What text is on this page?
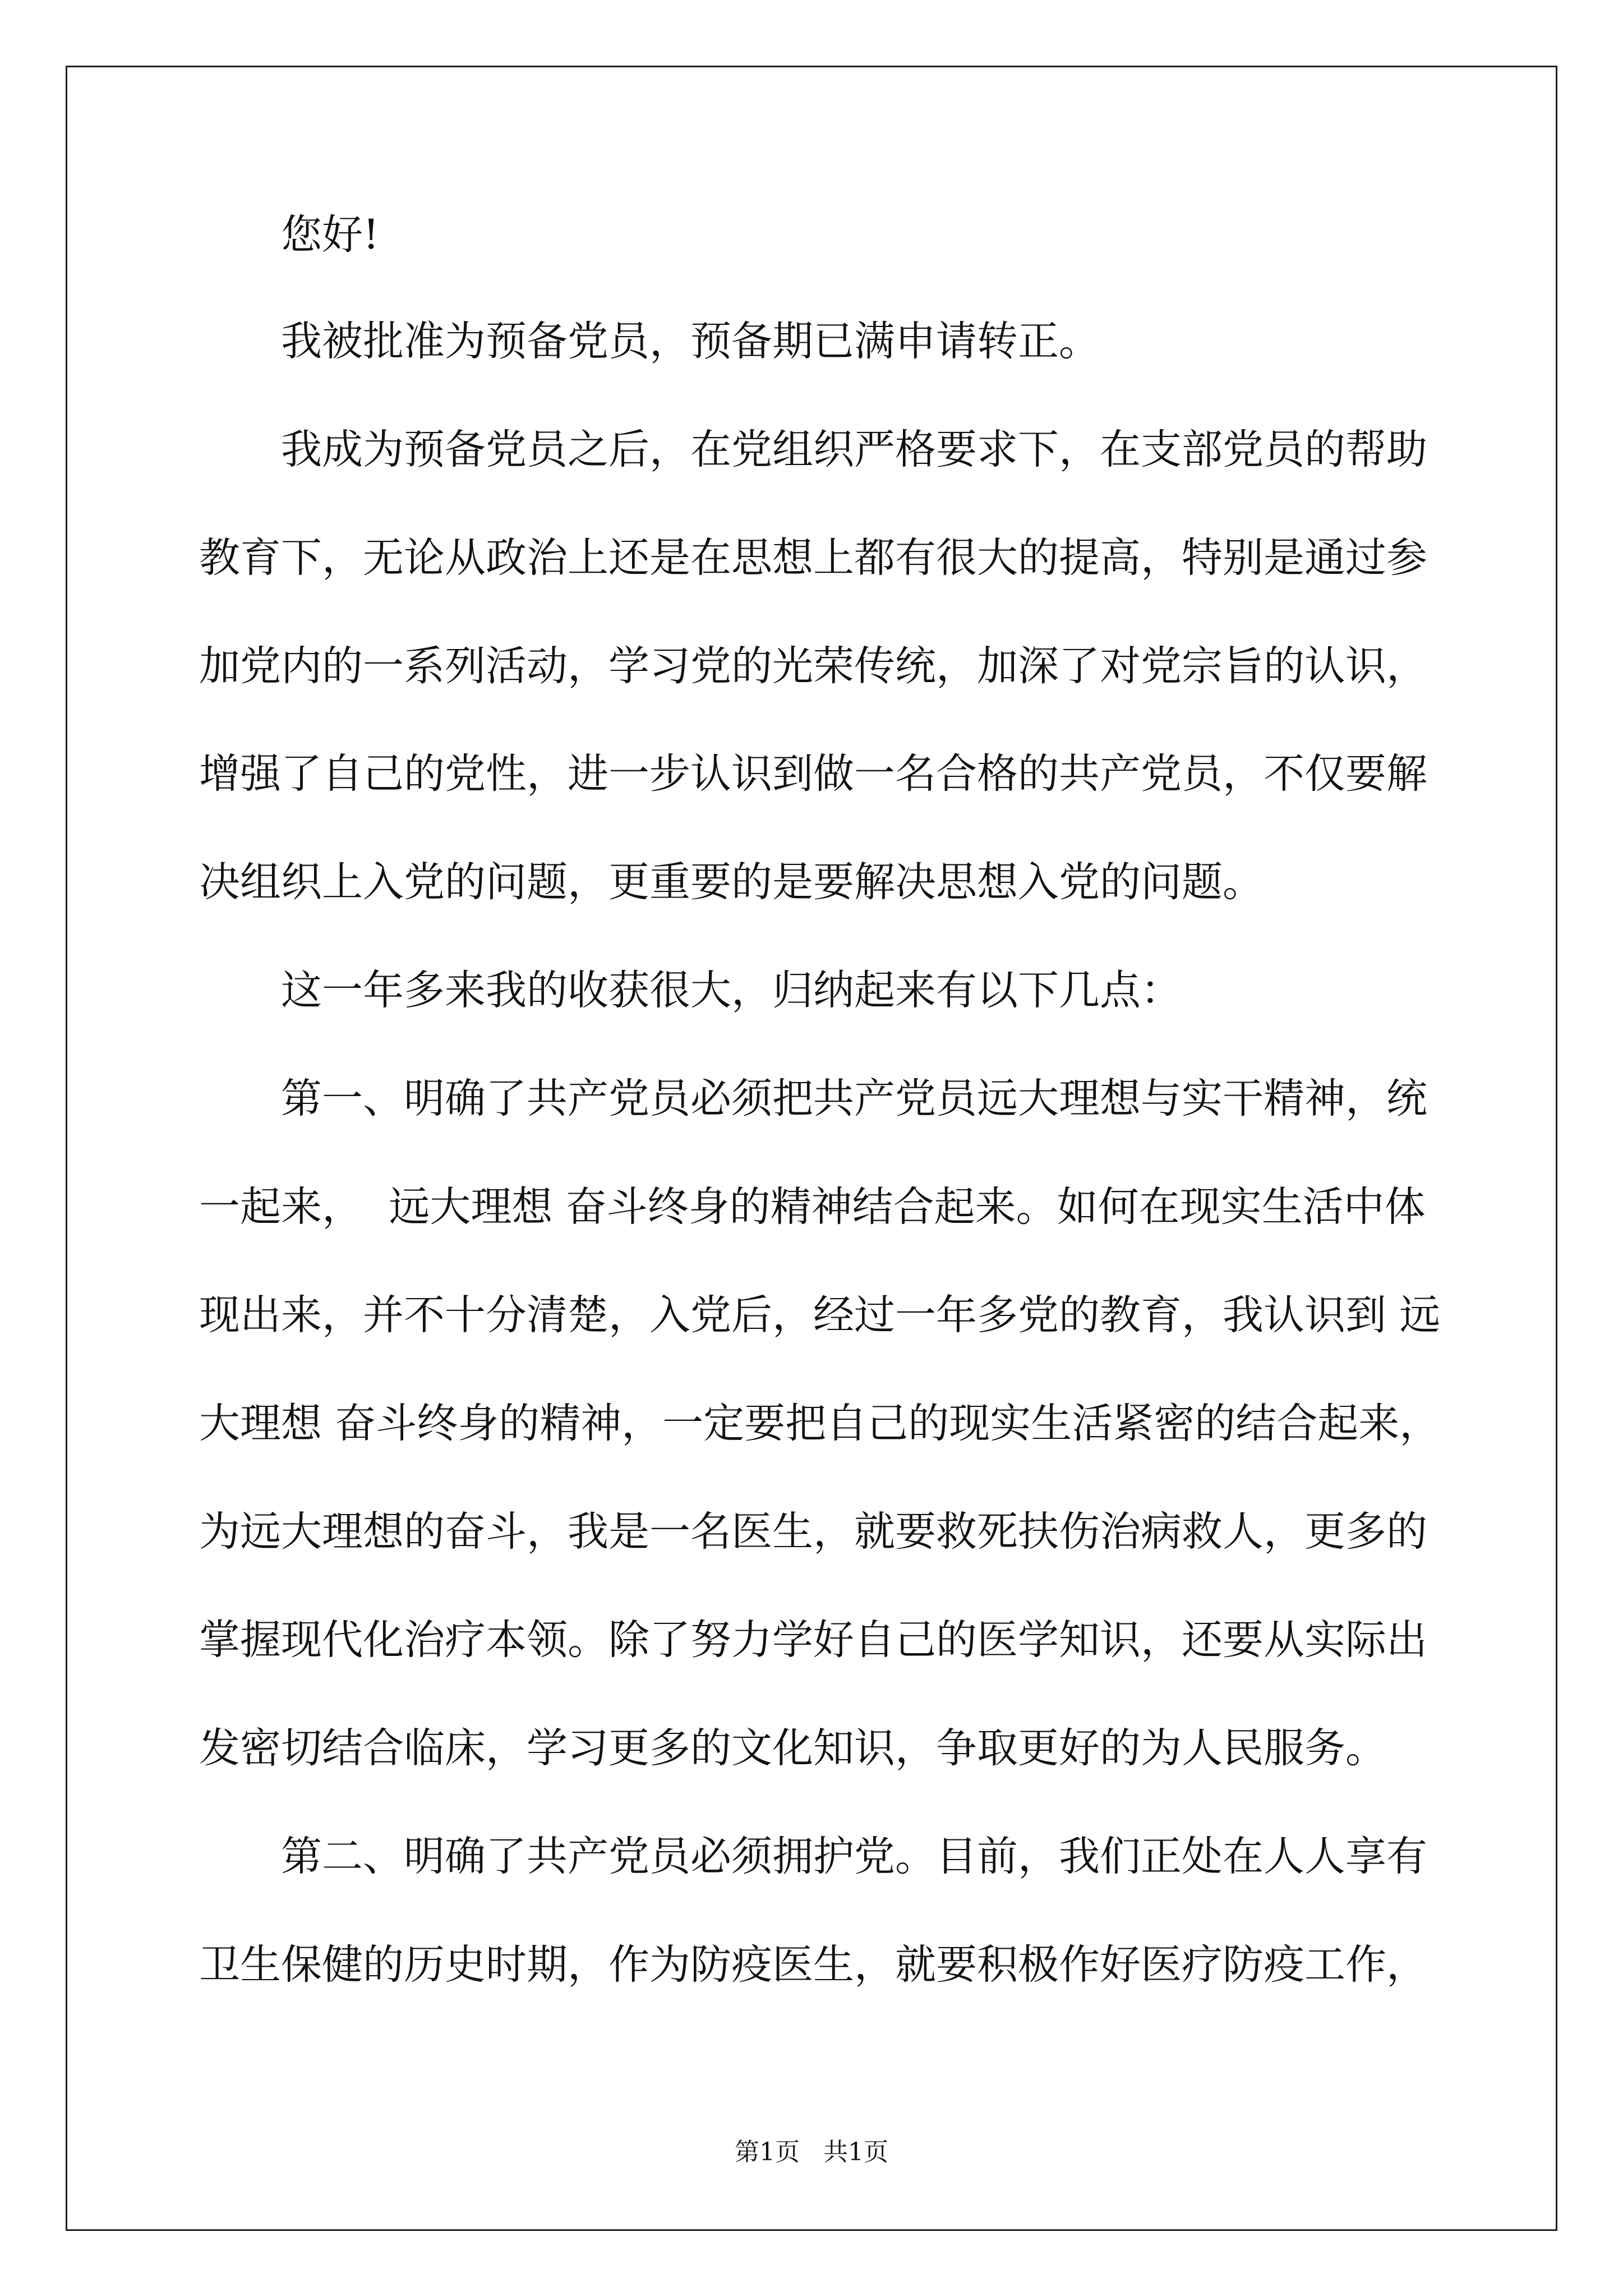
您好!
我被批准为预备党员，预备期已满申请转正。
我成为预备党员之后，在党组织严格要求下，在支部党员的帮助
教育下，无论从政治上还是在思想上都有很大的提高，特别是通过参
加党内的一系列活动，学习党的光荣传统，加深了对党宗旨的认识，
增强了自己的党性，进一步认识到做一名合格的共产党员，不仅要解
决组织上入党的问题，更重要的是要解决思想入党的问题。
这一年多来我的收获很大，归纳起来有以下几点：
第一、明确了共产党员必须把共产党员远大理想与实干精神，统
一起来，  远大理想 奋斗终身的精神结合起来。如何在现实生活中体
现出来，并不十分清楚，入党后，经过一年多党的教育，我认识到 远
大理想 奋斗终身的精神，一定要把自己的现实生活紧密的结合起来，
为远大理想的奋斗，我是一名医生，就要救死扶伤治病救人，更多的
掌握现代化治疗本领。除了努力学好自己的医学知识，还要从实际出
发密切结合临床，学习更多的文化知识，争取更好的为人民服务。
第二、明确了共产党员必须拥护党。目前，我们正处在人人享有
卫生保健的历史时期，作为防疫医生，就要积极作好医疗防疫工作，
第1页   共1页
